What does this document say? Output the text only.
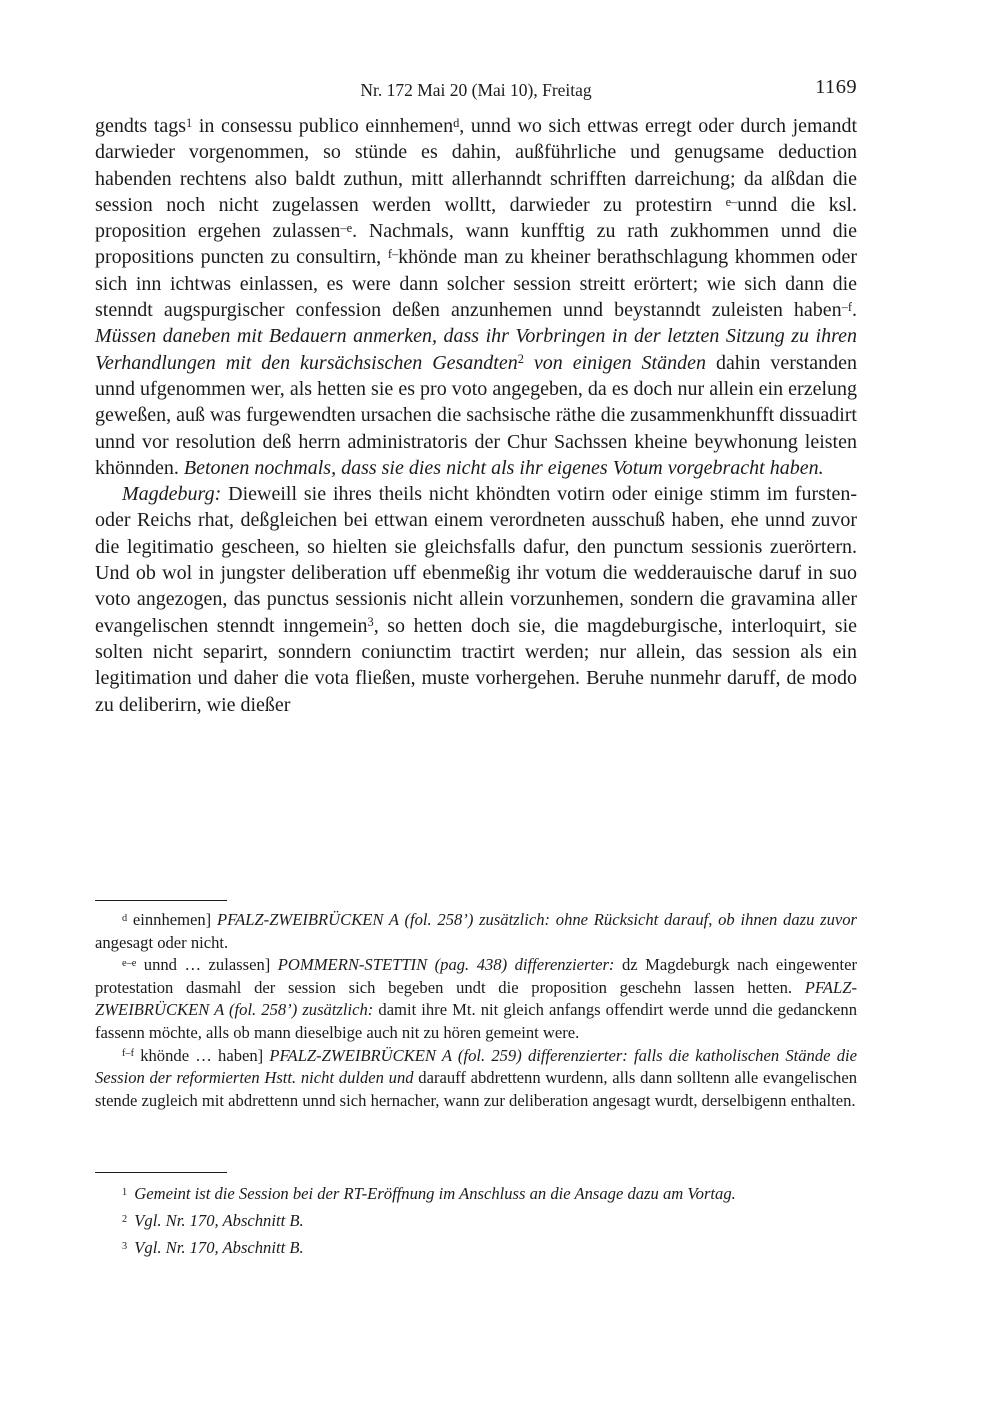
Nr. 172 Mai 20 (Mai 10), Freitag	1169

gendts tags$^1$ in consessu publico einnhemen$^d$, unnd wo sich ettwas erregt oder durch jemandt darwieder vorgenommen, so stünde es dahin, außführliche und genugsame deduction habenden rechtens also baldt zuthun, mitt allerhanndt schrifften darreichung; da alßdan die session noch nicht zugelassen werden wolltt, darwieder zu protestirn $^{e-}$unnd die ksl. proposition ergehen zulassen$^{-e}$. Nachmals, wann kunfftig zu rath zukhommen unnd die propositions puncten zu consultirn, $^{f-}$khönde man zu kheiner berathschlagung khommen oder sich inn ichtwas einlassen, es were dann solcher session streitt erörtert; wie sich dann die stenndt augspurgischer confession deßen anzunhemen unnd beystanndt zuleisten haben$^{-f}$. Müssen daneben mit Bedauern anmerken, dass ihr Vorbringen in der letzten Sitzung zu ihren Verhandlungen mit den kursächsischen Gesandten$^2$ von einigen Ständen dahin verstanden unnd ufgenommen wer, als hetten sie es pro voto angegeben, da es doch nur allein ein erzelung geweßen, auß was furgewendten ursachen die sachsische räthe die zusammenkhunfft dissuadirt unnd vor resolution deß herrn administratoris der Chur Sachssen kheine beywhonung leisten khönnden. Betonen nochmals, dass sie dies nicht als ihr eigenes Votum vorgebracht haben.

Magdeburg: Dieweill sie ihres theils nicht khöndten votirn oder einige stimm im fursten- oder Reichs rhat, deßgleichen bei ettwan einem verordneten ausschuß haben, ehe unnd zuvor die legitimatio gescheen, so hielten sie gleichsfalls dafur, den punctum sessionis zuerörtern. Und ob wol in jungster deliberation uff ebenmeßig ihr votum die wedderauische daruf in suo voto angezogen, das punctus sessionis nicht allein vorzunhemen, sondern die gravamina aller evangelischen stenndt inngemein$^3$, so hetten doch sie, die magdeburgische, interloquirt, sie solten nicht separirt, sonndern coniunctim tractirt werden; nur allein, das session als ein legitimation und daher die vota fließen, muste vorhergehen. Beruhe nunmehr daruff, de modo zu deliberirn, wie dießer

$^d$ einnhemen] PFALZ-ZWEIBRÜCKEN A (fol. 258’) zusätzlich: ohne Rücksicht darauf, ob ihnen dazu zuvor angesagt oder nicht.

$^{e-e}$ unnd … zulassen] POMMERN-STETTIN (pag. 438) differenzierter: dz Magdeburgk nach eingewenter protestation dasmahl der session sich begeben undt die proposition geschehn lassen hetten. PFALZ-ZWEIBRÜCKEN A (fol. 258’) zusätzlich: damit ihre Mt. nit gleich anfangs offendirt werde unnd die gedanckenn fassenn möchte, alls ob mann dieselbige auch nit zu hören gemeint were.

$^{f-f}$ khönde … haben] PFALZ-ZWEIBRÜCKEN A (fol. 259) differenzierter: falls die katholischen Stände die Session der reformierten Hstt. nicht dulden und darauff abdrettenn wurdenn, alls dann solltenn alle evangelischen stende zugleich mit abdrettenn unnd sich hernacher, wann zur deliberation angesagt wurdt, derselbigenn enthalten.

$^1$ Gemeint ist die Session bei der RT-Eröffnung im Anschluss an die Ansage dazu am Vortag.

$^2$ Vgl. Nr. 170, Abschnitt B.

$^3$ Vgl. Nr. 170, Abschnitt B.
